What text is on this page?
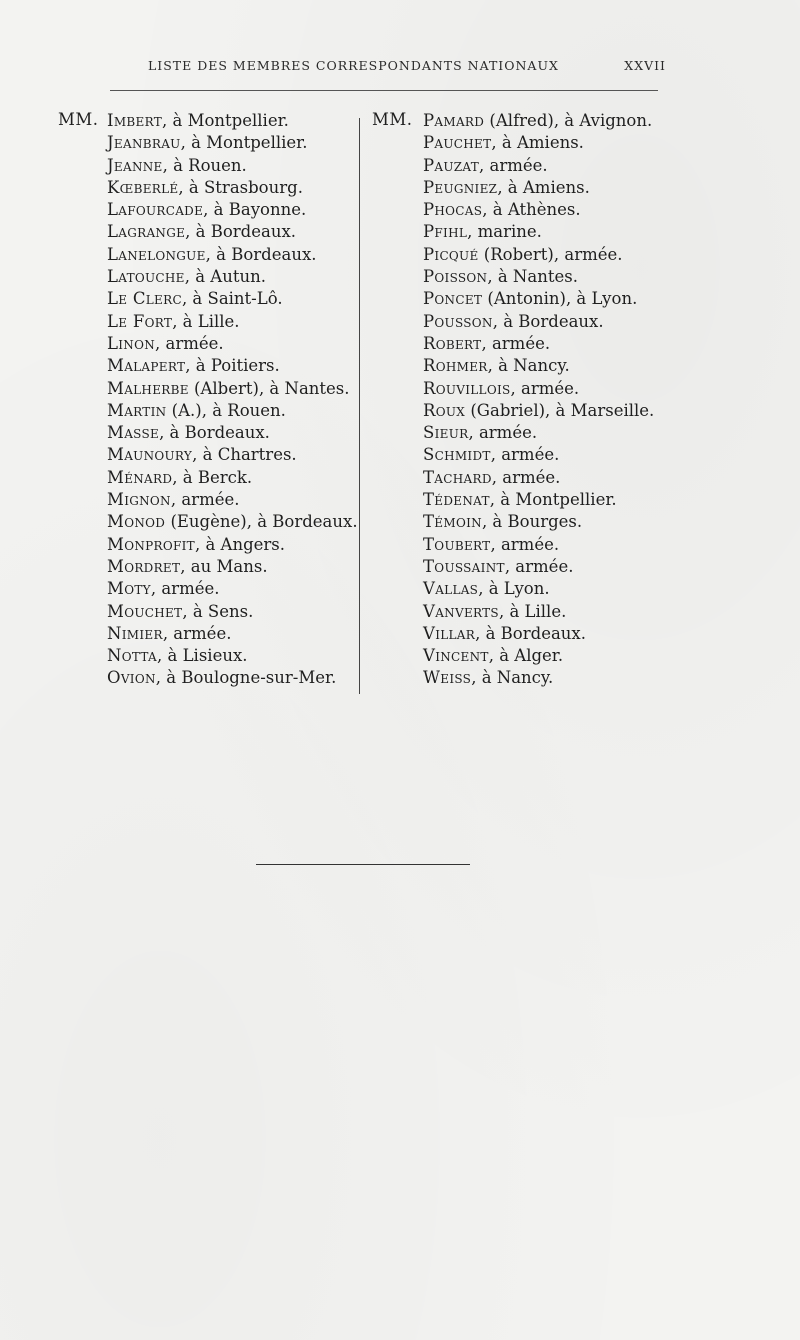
LISTE DES MEMBRES CORRESPONDANTS NATIONAUX	XXVII
MM. Imbert, à Montpellier.
Jeanbrau, à Montpellier.
Jeanne, à Rouen.
Kœberlé, à Strasbourg.
Lafourcade, à Bayonne.
Lagrange, à Bordeaux.
Lanelongue, à Bordeaux.
Latouche, à Autun.
Le Clerc, à Saint-Lô.
Le Fort, à Lille.
Linon, armée.
Malapert, à Poitiers.
Malherbe (Albert), à Nantes.
Martin (A.), à Rouen.
Masse, à Bordeaux.
Maunoury, à Chartres.
Ménard, à Berck.
Mignon, armée.
Monod (Eugène), à Bordeaux.
Monprofit, à Angers.
Mordret, au Mans.
Moty, armée.
Mouchet, à Sens.
Nimier, armée.
Notta, à Lisieux.
Ovion, à Boulogne-sur-Mer.
MM. Pamard (Alfred), à Avignon.
Pauchet, à Amiens.
Pauzat, armée.
Peugniez, à Amiens.
Phocas, à Athènes.
Pfihl, marine.
Picqué (Robert), armée.
Poisson, à Nantes.
Poncet (Antonin), à Lyon.
Pousson, à Bordeaux.
Robert, armée.
Rohmer, à Nancy.
Rouvillois, armée.
Roux (Gabriel), à Marseille.
Sieur, armée.
Schmidt, armée.
Tachard, armée.
Tédenat, à Montpellier.
Témoin, à Bourges.
Toubert, armée.
Toussaint, armée.
Vallas, à Lyon.
Vanverts, à Lille.
Villar, à Bordeaux.
Vincent, à Alger.
Weiss, à Nancy.
